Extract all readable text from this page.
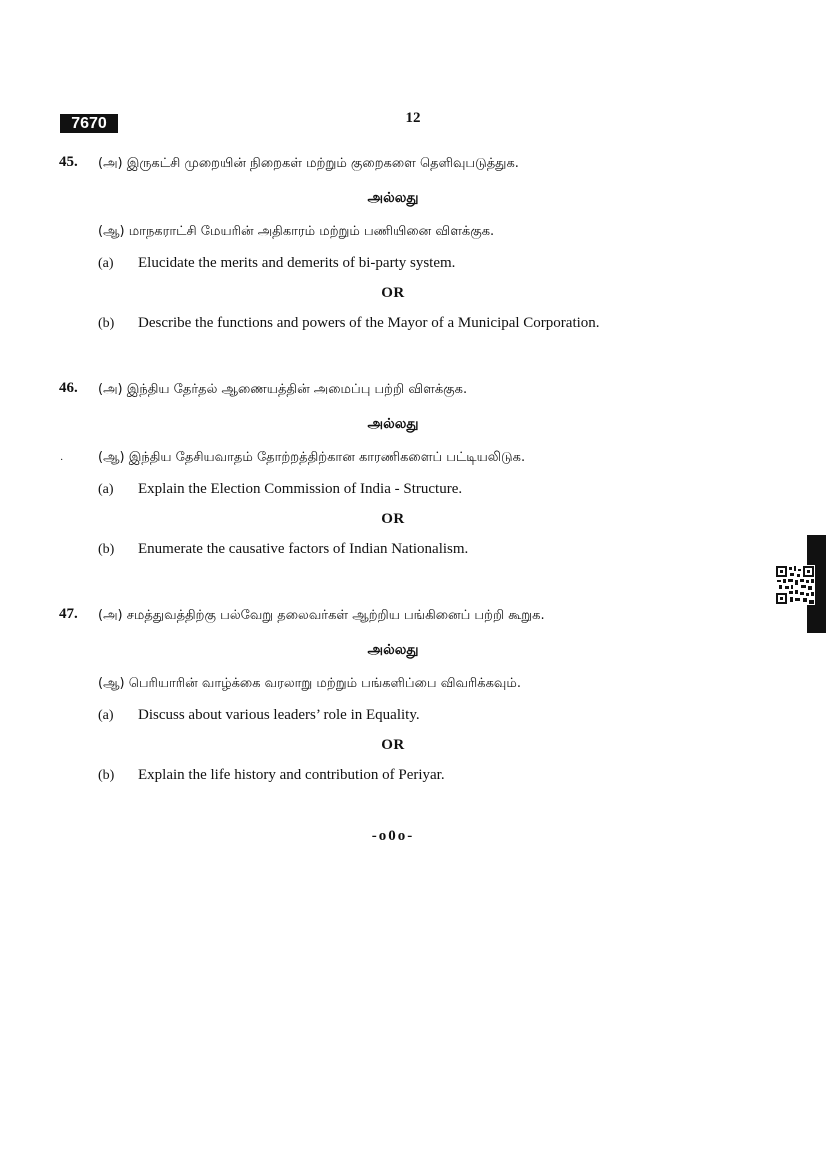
7670	12
45. (அ) இருகட்சி முறையின் நிறைகள் மற்றும் குறைகளை தெளிவுபடுத்துக.
அல்லது
(ஆ) மாநகராட்சி மேயரின் அதிகாரம் மற்றும் பணியினை விளக்குக.
(a) Elucidate the merits and demerits of bi-party system.
OR
(b) Describe the functions and powers of the Mayor of a Municipal Corporation.
46. (அ) இந்திய தேர்தல் ஆணையத்தின் அமைப்பு பற்றி விளக்குக.
அல்லது
·	(ஆ) இந்திய தேசியவாதம் தோற்றத்திற்கான காரணிகளைப் பட்டியலிடுக.
(a) Explain the Election Commission of India - Structure.
OR
(b) Enumerate the causative factors of Indian Nationalism.
47. (அ) சமத்துவத்திற்கு பல்வேறு தலைவர்கள் ஆற்றிய பங்கினைப் பற்றி கூறுக.
அல்லது
(ஆ) பெரியாரின் வாழ்க்கை வரலாறு மற்றும் பங்களிப்பை விவரிக்கவும்.
(a) Discuss about various leaders’ role in Equality.
OR
(b) Explain the life history and contribution of Periyar.
-o0o-
